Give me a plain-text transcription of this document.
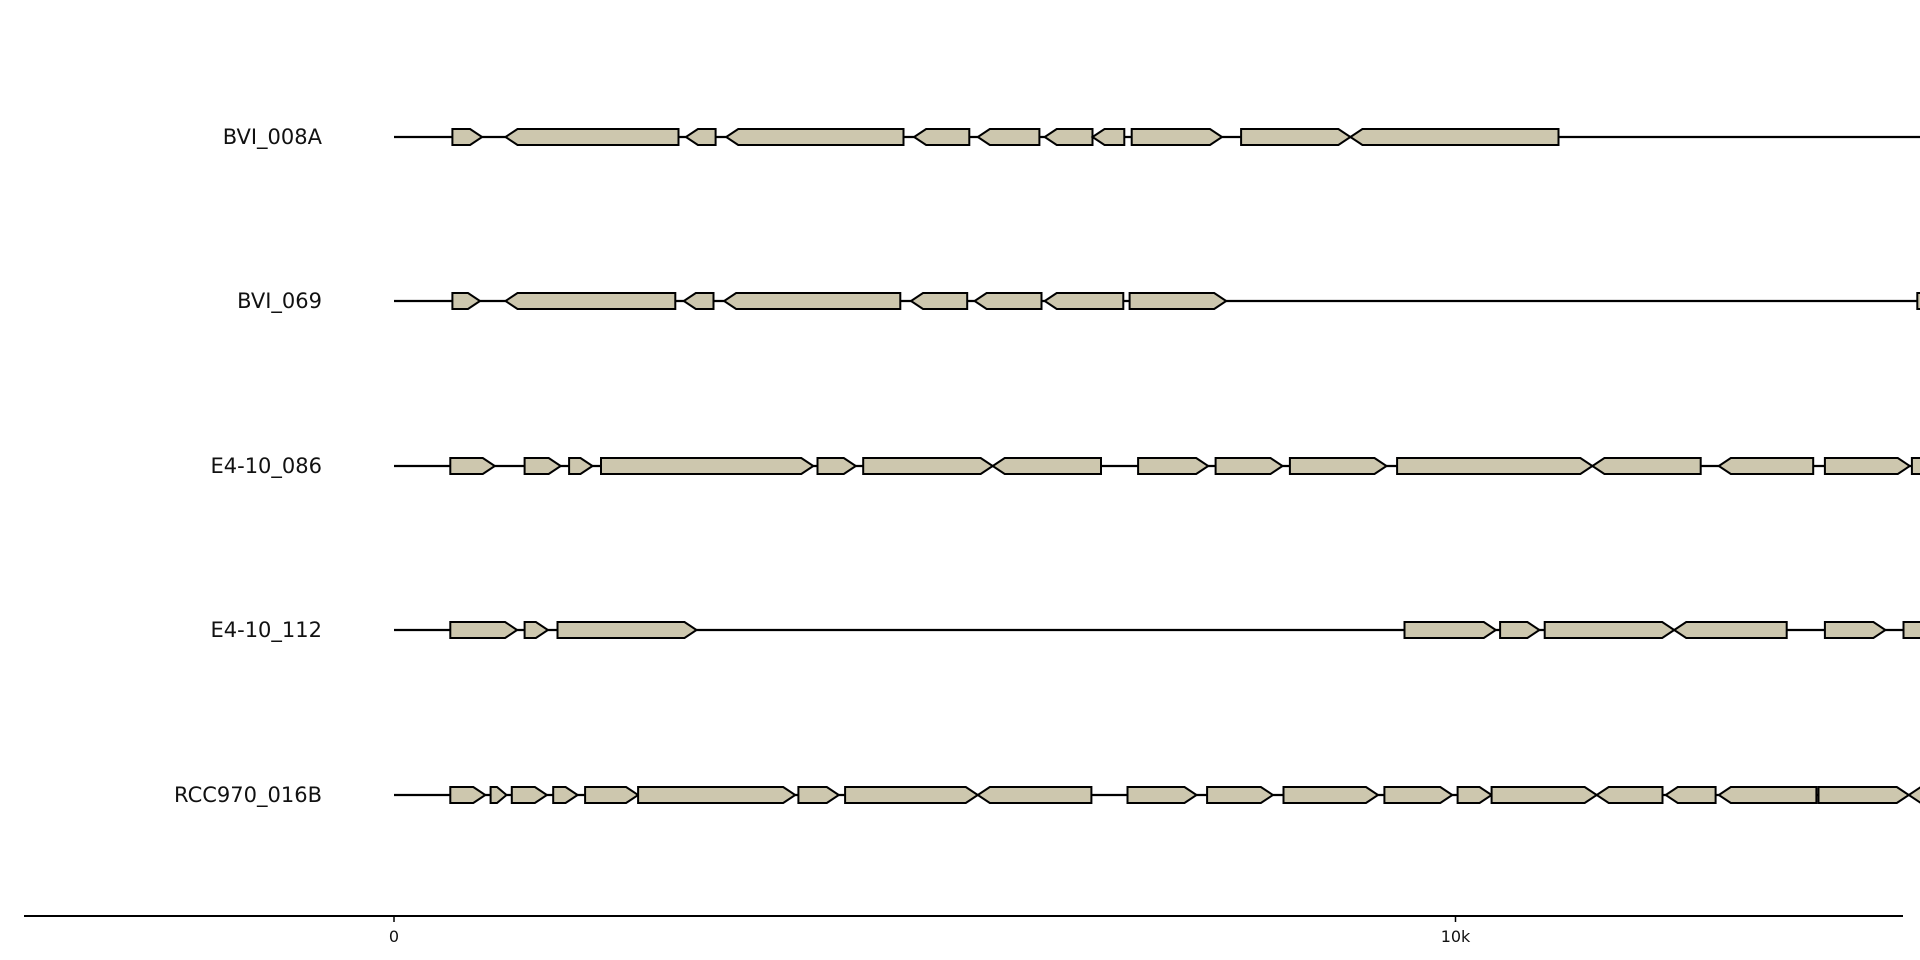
BVI_008A
BVI_069
E4-10_086
E4-10_112
RCC970_016B
0	10k
